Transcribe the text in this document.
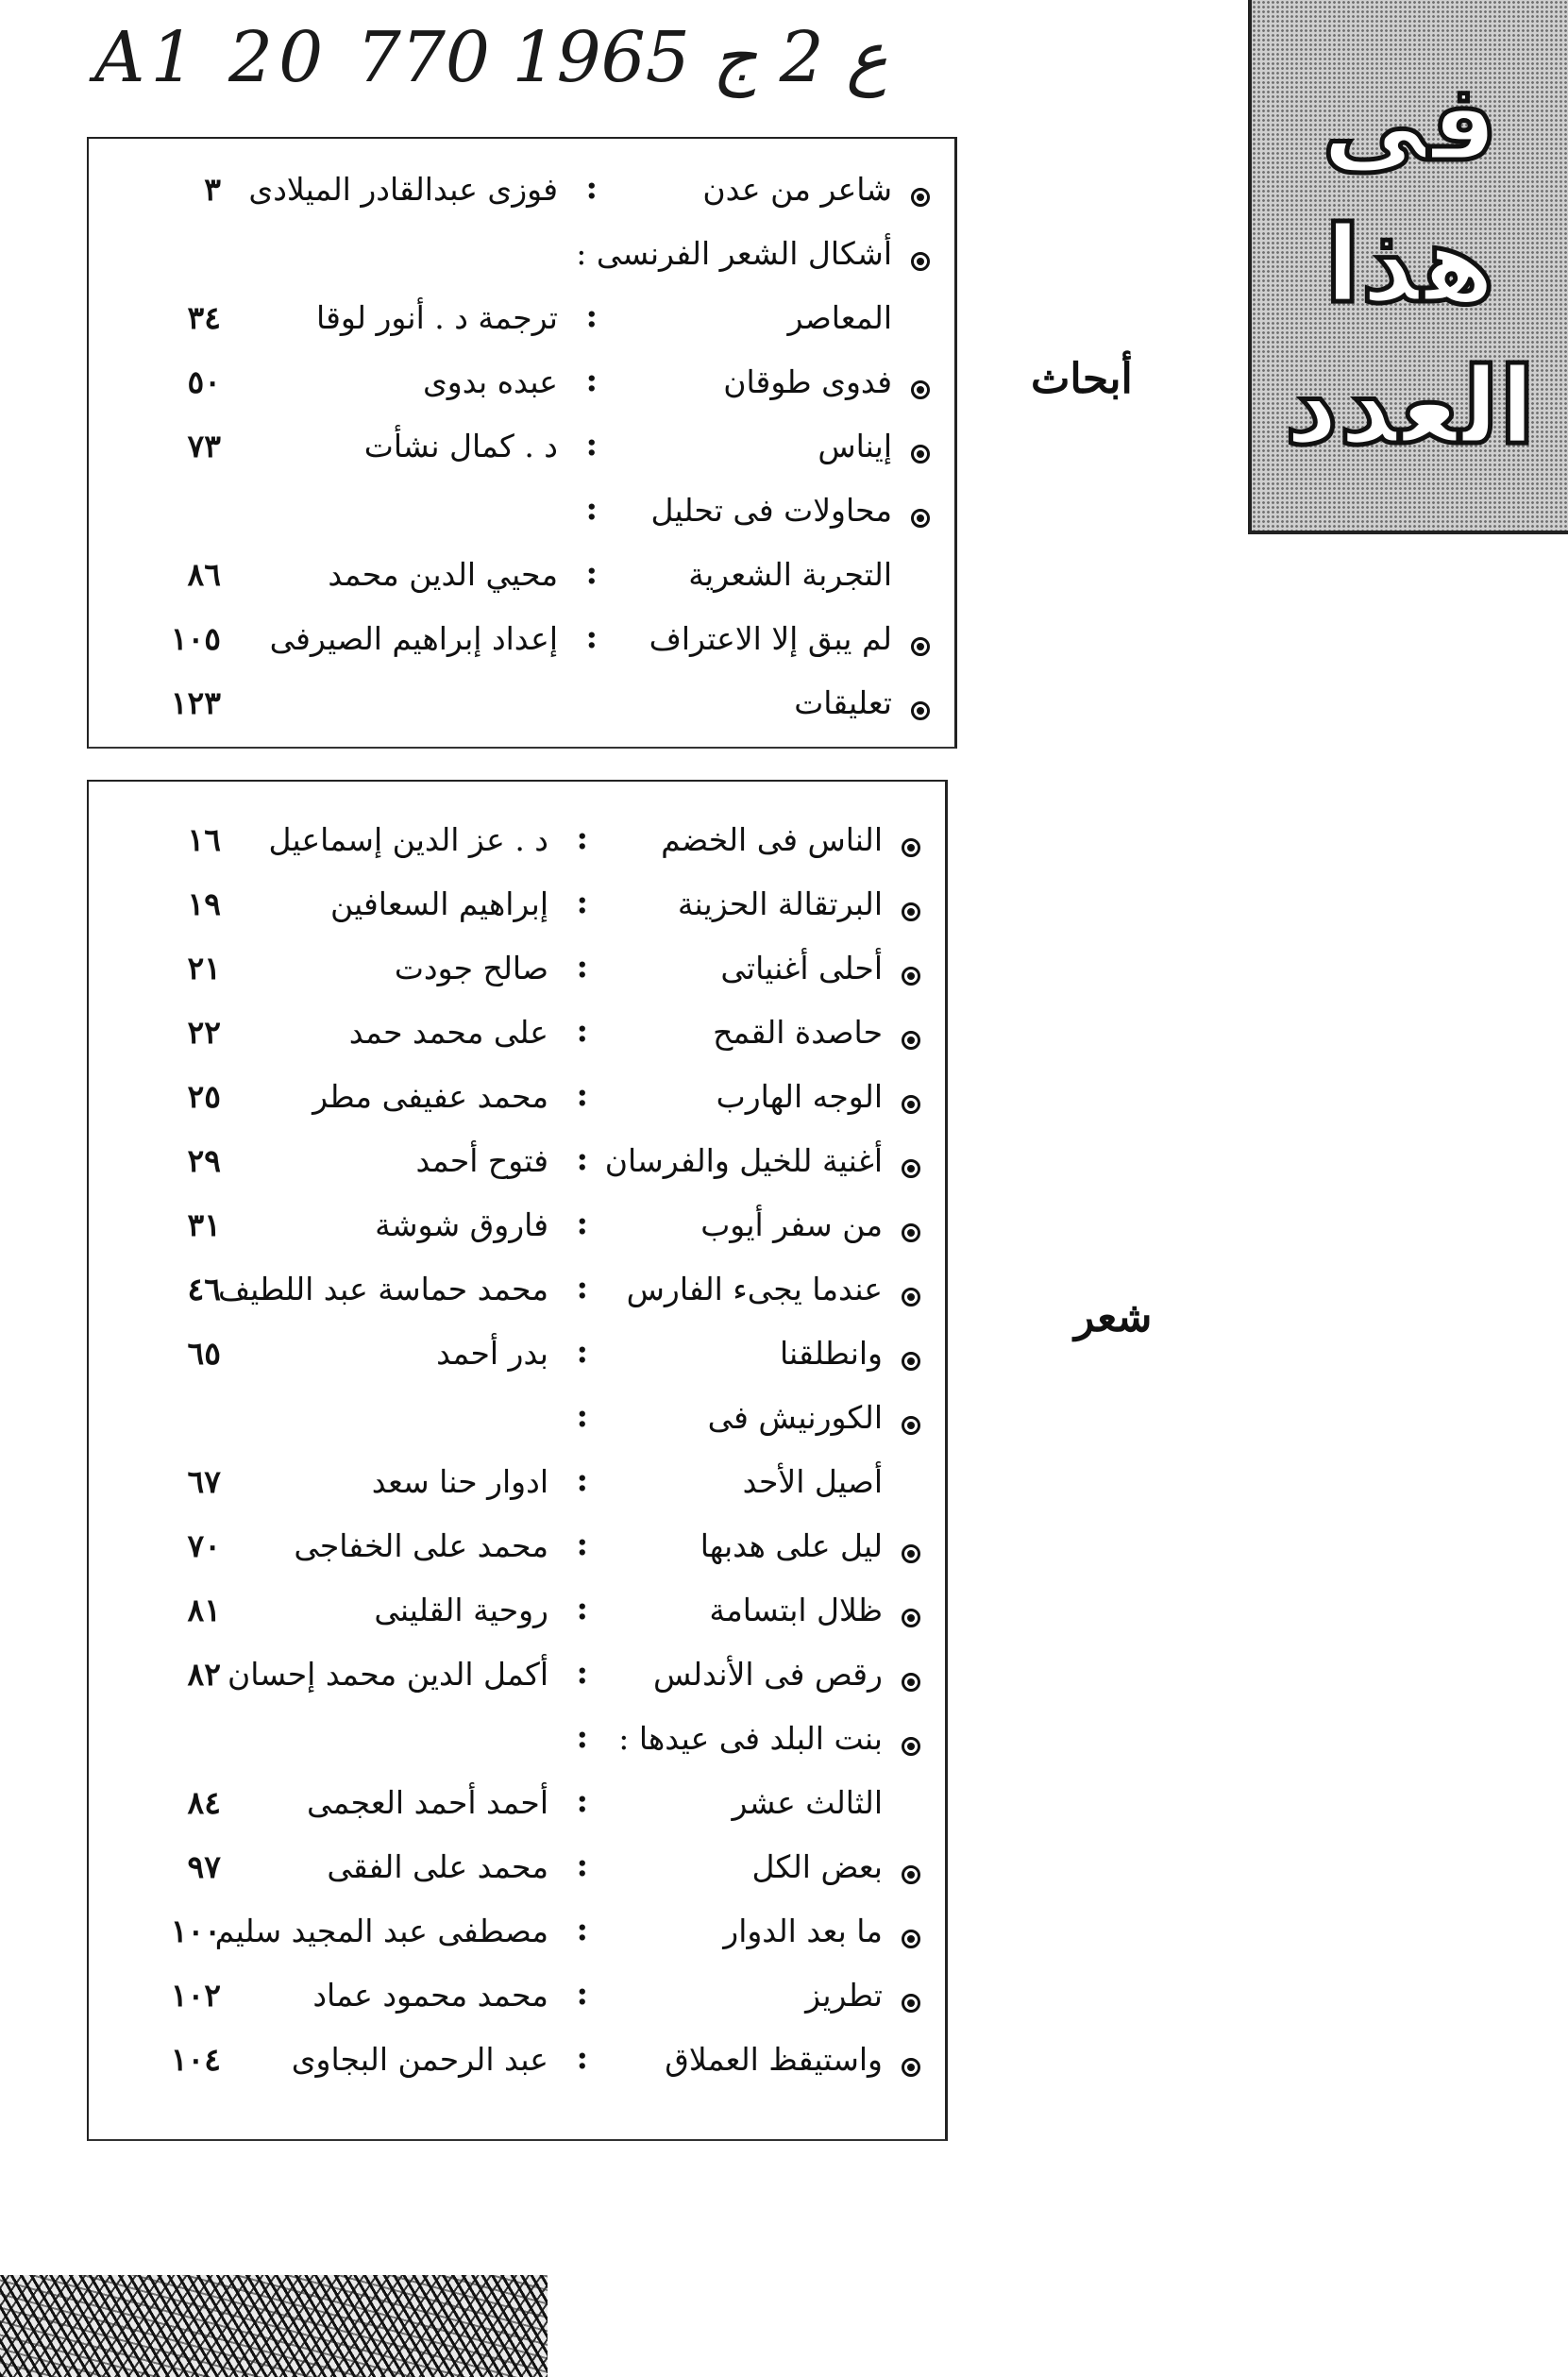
A1 20 ع 2 ج 1965 770
فى
هذا
العدد
أبحاث
شاعر من عدن
:
فوزى عبدالقادر الميلادى
٣
أشكال الشعر الفرنسى :
المعاصر
:
ترجمة د . أنور لوقا
٣٤
فدوى طوقان
:
عبده بدوى
٥٠
إيناس
:
د . كمال نشأت
٧٣
محاولات فى تحليل
:
التجربة الشعرية
:
محيي الدين محمد
٨٦
لم يبق إلا الاعتراف
:
إعداد إبراهيم الصيرفى
١٠٥
تعليقات
١٢٣
شعر
الناس فى الخضم
:
د . عز الدين إسماعيل
١٦
البرتقالة الحزينة
:
إبراهيم السعافين
١٩
أحلى أغنياتى
:
صالح جودت
٢١
حاصدة القمح
:
على محمد حمد
٢٢
الوجه الهارب
:
محمد عفيفى مطر
٢٥
أغنية للخيل والفرسان
:
فتوح أحمد
٢٩
من سفر أيوب
:
فاروق شوشة
٣١
عندما يجىء الفارس
:
محمد حماسة عبد اللطيف
٤٦
وانطلقنا
:
بدر أحمد
٦٥
الكورنيش فى
:
أصيل الأحد
:
ادوار حنا سعد
٦٧
ليل على هدبها
:
محمد على الخفاجى
٧٠
ظلال ابتسامة
:
روحية القلينى
٨١
رقص فى الأندلس
:
أكمل الدين محمد إحسان
٨٢
بنت البلد فى عيدها :
:
الثالث عشر
:
أحمد أحمد العجمى
٨٤
بعض الكل
:
محمد على الفقى
٩٧
ما بعد الدوار
:
مصطفى عبد المجيد سليم
١٠٠
تطريز
:
محمد محمود عماد
١٠٢
واستيقظ العملاق
:
عبد الرحمن البجاوى
١٠٤
